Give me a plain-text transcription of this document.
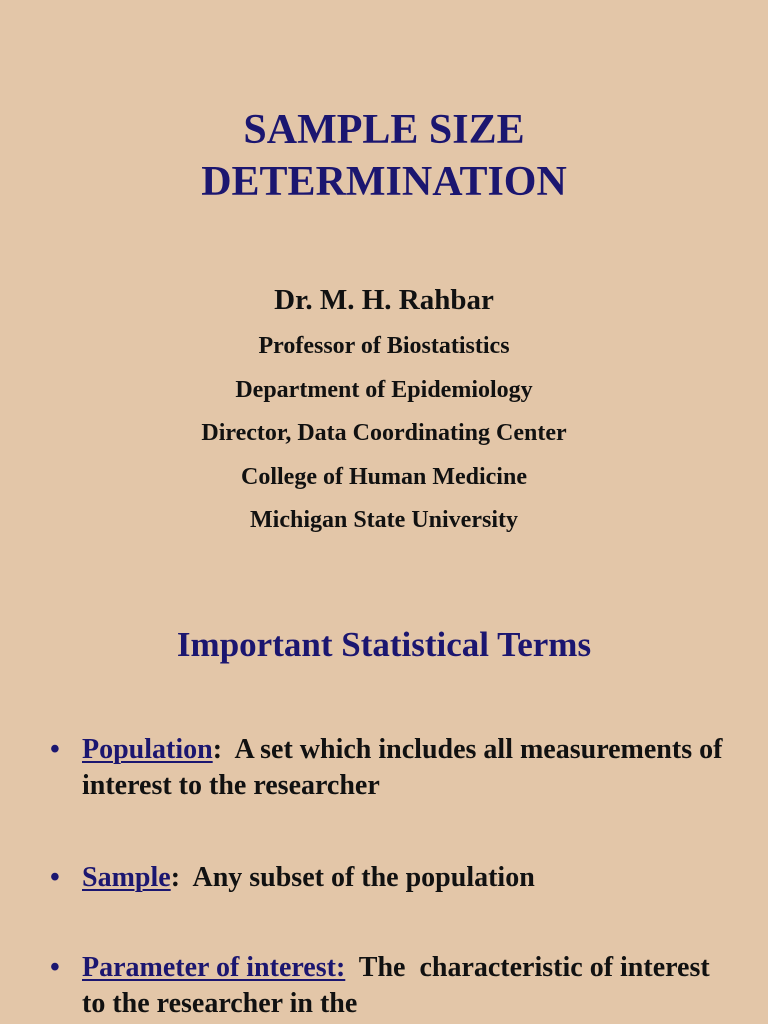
SAMPLE SIZE
DETERMINATION
Dr. M. H. Rahbar
Professor of Biostatistics
Department of Epidemiology
Director, Data Coordinating Center
College of Human Medicine
Michigan State University
Important Statistical Terms
• Population:  A set which includes all measurements of interest to the researcher
• Sample:  Any subset of the population
• Parameter of interest:  The  characteristic of interest to the researcher in the
